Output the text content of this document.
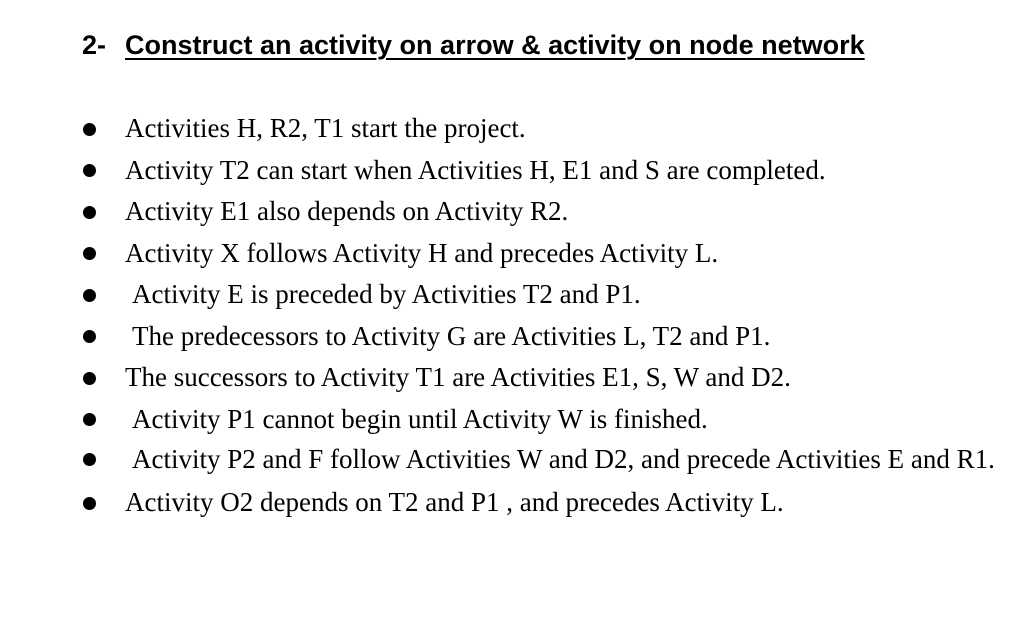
2- Construct an activity on arrow & activity on node network
Activities H, R2, T1 start the project.
Activity T2 can start when Activities H, E1 and S are completed.
Activity E1 also depends on Activity R2.
Activity X follows Activity H and precedes Activity L.
Activity E is preceded by Activities T2 and P1.
The predecessors to Activity G are Activities L, T2 and P1.
The successors to Activity T1 are Activities E1, S, W and D2.
Activity P1 cannot begin until Activity W is finished.
Activity P2 and F follow Activities W and D2, and precede Activities E and R1.
Activity O2 depends on T2 and P1 , and precedes Activity L.
